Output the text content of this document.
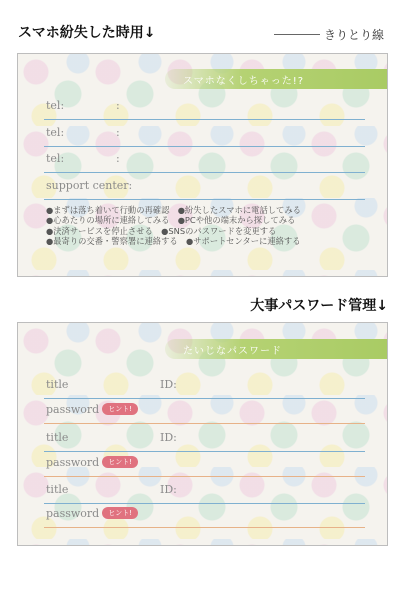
スマホ紛失した時用↓	きりとり線
スマホなくしちゃった!?
tel:	:
tel:	:
tel:	:
support center:
●まずは落ち着いて行動の再確認　●紛失したスマホに電話してみる
●心あたりの場所に連絡してみる　●PCや他の端末から探してみる
●決済サービスを停止させる　●SNSのパスワードを変更する
●最寄りの交番・警察署に連絡する　●サポートセンターに連絡する
大事パスワード管理↓
たいじなパスワード
title	ID:
password ヒント!
title	ID:
password ヒント!
title	ID:
password ヒント!
